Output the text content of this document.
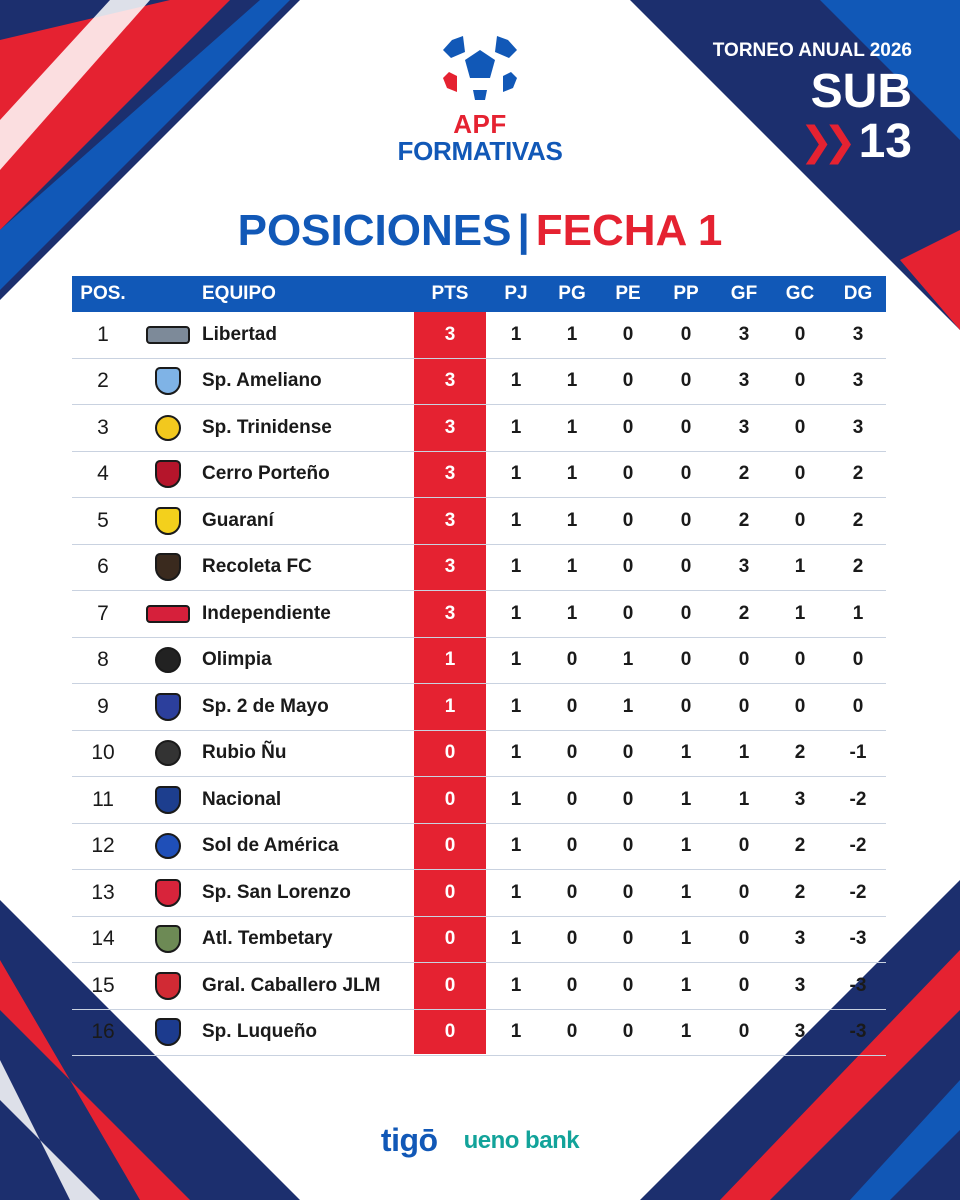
APF
FORMATIVAS
TORNEO ANUAL 2026
SUB
❯❯ 13
POSICIONES | FECHA 1
POS.	EQUIPO	PTS	PJ	PG	PE	PP	GF	GC	DG
1	Libertad	3	1	1	0	0	3	0	3
2	Sp. Ameliano	3	1	1	0	0	3	0	3
3	Sp. Trinidense	3	1	1	0	0	3	0	3
4	Cerro Porteño	3	1	1	0	0	2	0	2
5	Guaraní	3	1	1	0	0	2	0	2
6	Recoleta FC	3	1	1	0	0	3	1	2
7	Independiente	3	1	1	0	0	2	1	1
8	Olimpia	1	1	0	1	0	0	0	0
9	Sp. 2 de Mayo	1	1	0	1	0	0	0	0
10	Rubio Ñu	0	1	0	0	1	1	2	-1
11	Nacional	0	1	0	0	1	1	3	-2
12	Sol de América	0	1	0	0	1	0	2	-2
13	Sp. San Lorenzo	0	1	0	0	1	0	2	-2
14	Atl. Tembetary	0	1	0	0	1	0	3	-3
15	Gral. Caballero JLM	0	1	0	0	1	0	3	-3
16	Sp. Luqueño	0	1	0	0	1	0	3	-3
tigō ueno bank
